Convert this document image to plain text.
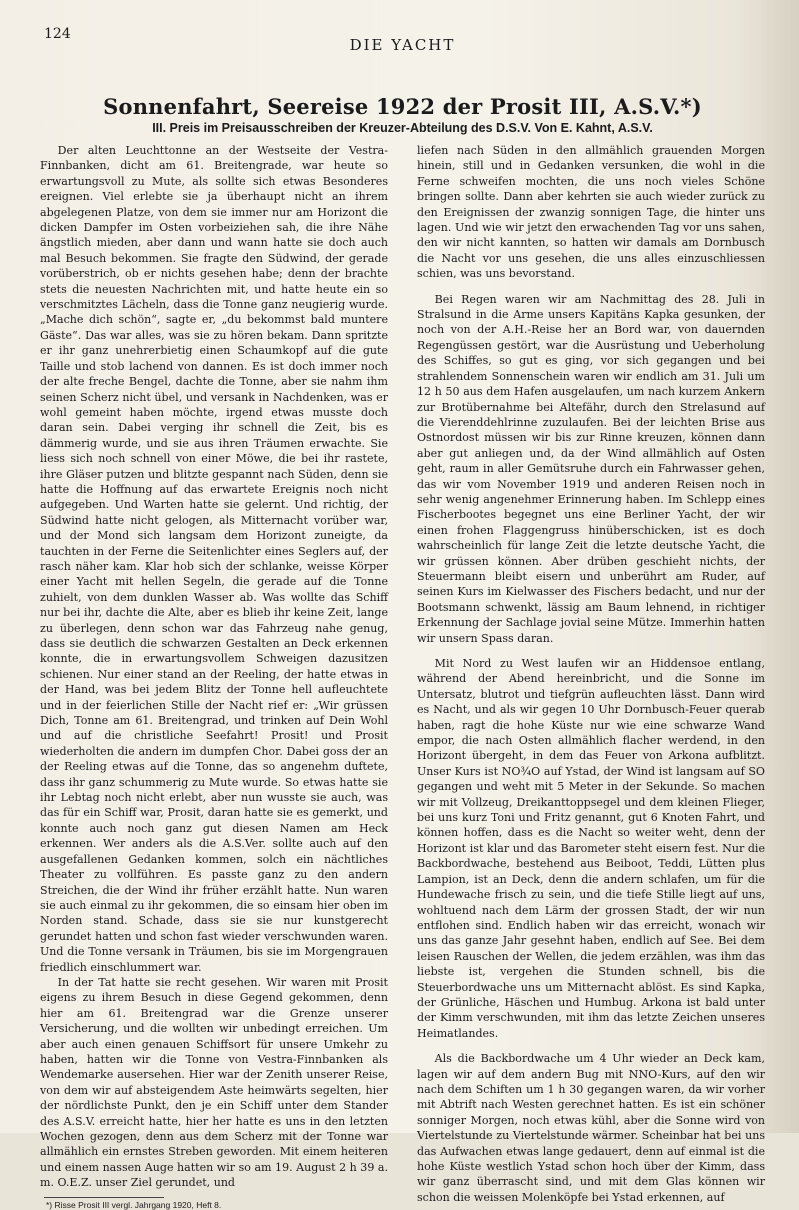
124
DIE YACHT
Sonnenfahrt, Seereise 1922 der Prosit III, A.S.V.*)
III. Preis im Preisausschreiben der Kreuzer-Abteilung des D.S.V. Von E. Kahnt, A.S.V.

Der alten Leuchttonne an der Westseite der Vestra-Finnbanken, dicht am 61. Breitengrade, war heute so erwartungsvoll zu Mute, als sollte sich etwas Besonderes ereignen. Viel erlebte sie ja überhaupt nicht an ihrem abgelegenen Platze, von dem sie immer nur am Horizont die dicken Dampfer im Osten vorbeiziehen sah, die ihre Nähe ängstlich mieden, aber dann und wann hatte sie doch auch mal Besuch bekommen. Sie fragte den Südwind, der gerade vorüberstrich, ob er nichts gesehen habe; denn der brachte stets die neuesten Nachrichten mit, und hatte heute ein so verschmitztes Lächeln, dass die Tonne ganz neugierig wurde. „Mache dich schön“, sagte er, „du bekommst bald muntere Gäste“. Das war alles, was sie zu hören bekam. Dann spritzte er ihr ganz unehrerbietig einen Schaumkopf auf die gute Taille und stob lachend von dannen. Es ist doch immer noch der alte freche Bengel, dachte die Tonne, aber sie nahm ihm seinen Scherz nicht übel, und versank in Nachdenken, was er wohl gemeint haben möchte, irgend etwas musste doch daran sein. Dabei verging ihr schnell die Zeit, bis es dämmerig wurde, und sie aus ihren Träumen erwachte. Sie liess sich noch schnell von einer Möwe, die bei ihr rastete, ihre Gläser putzen und blitzte gespannt nach Süden, denn sie hatte die Hoffnung auf das erwartete Ereignis noch nicht aufgegeben. Und Warten hatte sie gelernt. Und richtig, der Südwind hatte nicht gelogen, als Mitternacht vorüber war, und der Mond sich langsam dem Horizont zuneigte, da tauchten in der Ferne die Seitenlichter eines Seglers auf, der rasch näher kam. Klar hob sich der schlanke, weisse Körper einer Yacht mit hellen Segeln, die gerade auf die Tonne zuhielt, von dem dunklen Wasser ab. Was wollte das Schiff nur bei ihr, dachte die Alte, aber es blieb ihr keine Zeit, lange zu überlegen, denn schon war das Fahrzeug nahe genug, dass sie deutlich die schwarzen Gestalten an Deck erkennen konnte, die in erwartungsvollem Schweigen dazusitzen schienen. Nur einer stand an der Reeling, der hatte etwas in der Hand, was bei jedem Blitz der Tonne hell aufleuchtete und in der feierlichen Stille der Nacht rief er: „Wir grüssen Dich, Tonne am 61. Breitengrad, und trinken auf Dein Wohl und auf die christliche Seefahrt! Prosit! und Prosit wiederholten die andern im dumpfen Chor. Dabei goss der an der Reeling etwas auf die Tonne, das so angenehm duftete, dass ihr ganz schummerig zu Mute wurde. So etwas hatte sie ihr Lebtag noch nicht erlebt, aber nun wusste sie auch, was das für ein Schiff war, Prosit, daran hatte sie es gemerkt, und konnte auch noch ganz gut diesen Namen am Heck erkennen. Wer anders als die A.S.Ver. sollte auch auf den ausgefallenen Gedanken kommen, solch ein nächtliches Theater zu vollführen. Es passte ganz zu den andern Streichen, die der Wind ihr früher erzählt hatte. Nun waren sie auch einmal zu ihr gekommen, die so einsam hier oben im Norden stand. Schade, dass sie sie nur kunstgerecht gerundet hatten und schon fast wieder verschwunden waren. Und die Tonne versank in Träumen, bis sie im Morgengrauen friedlich einschlummert war.

In der Tat hatte sie recht gesehen. Wir waren mit Prosit eigens zu ihrem Besuch in diese Gegend gekommen, denn hier am 61. Breitengrad war die Grenze unserer Versicherung, und die wollten wir unbedingt erreichen. Um aber auch einen genauen Schiffsort für unsere Umkehr zu haben, hatten wir die Tonne von Vestra-Finnbanken als Wendemarke ausersehen. Hier war der Zenith unserer Reise, von dem wir auf absteigendem Aste heimwärts segelten, hier der nördlichste Punkt, den je ein Schiff unter dem Stander des A.S.V. erreicht hatte, hier her hatte es uns in den letzten Wochen gezogen, denn aus dem Scherz mit der Tonne war allmählich ein ernstes Streben geworden. Mit einem heiteren und einem nassen Auge hatten wir so am 19. August 2 h 39 a. m. O.E.Z. unser Ziel gerundet, und

*) Risse Prosit III vergl. Jahrgang 1920, Heft 8.

liefen nach Süden in den allmählich grauenden Morgen hinein, still und in Gedanken versunken, die wohl in die Ferne schweifen mochten, die uns noch vieles Schöne bringen sollte. Dann aber kehrten sie auch wieder zurück zu den Ereignissen der zwanzig sonnigen Tage, die hinter uns lagen. Und wie wir jetzt den erwachenden Tag vor uns sahen, den wir nicht kannten, so hatten wir damals am Dornbusch die Nacht vor uns gesehen, die uns alles einzuschliessen schien, was uns bevorstand.

Bei Regen waren wir am Nachmittag des 28. Juli in Stralsund in die Arme unsers Kapitäns Kapka gesunken, der noch von der A.H.-Reise her an Bord war, von dauernden Regengüssen gestört, war die Ausrüstung und Ueberholung des Schiffes, so gut es ging, vor sich gegangen und bei strahlendem Sonnenschein waren wir endlich am 31. Juli um 12 h 50 aus dem Hafen ausgelaufen, um nach kurzem Ankern zur Brotübernahme bei Altefähr, durch den Strelasund auf die Vierenddehlrinne zuzulaufen. Bei der leichten Brise aus Ostnordost müssen wir bis zur Rinne kreuzen, können dann aber gut anliegen und, da der Wind allmählich auf Osten geht, raum in aller Gemütsruhe durch ein Fahrwasser gehen, das wir vom November 1919 und anderen Reisen noch in sehr wenig angenehmer Erinnerung haben. Im Schlepp eines Fischerbootes begegnet uns eine Berliner Yacht, der wir einen frohen Flaggengruss hinüberschicken, ist es doch wahrscheinlich für lange Zeit die letzte deutsche Yacht, die wir grüssen können. Aber drüben geschieht nichts, der Steuermann bleibt eisern und unberührt am Ruder, auf seinen Kurs im Kielwasser des Fischers bedacht, und nur der Bootsmann schwenkt, lässig am Baum lehnend, in richtiger Erkennung der Sachlage jovial seine Mütze. Immerhin hatten wir unsern Spass daran.

Mit Nord zu West laufen wir an Hiddensoe entlang, während der Abend hereinbricht, und die Sonne im Untersatz, blutrot und tiefgrün aufleuchten lässt. Dann wird es Nacht, und als wir gegen 10 Uhr Dornbusch-Feuer querab haben, ragt die hohe Küste nur wie eine schwarze Wand empor, die nach Osten allmählich flacher werdend, in den Horizont übergeht, in dem das Feuer von Arkona aufblitzt. Unser Kurs ist NO¾O auf Ystad, der Wind ist langsam auf SO gegangen und weht mit 5 Meter in der Sekunde. So machen wir mit Vollzeug, Dreikanttoppsegel und dem kleinen Flieger, bei uns kurz Toni und Fritz genannt, gut 6 Knoten Fahrt, und können hoffen, dass es die Nacht so weiter weht, denn der Horizont ist klar und das Barometer steht eisern fest. Nur die Backbordwache, bestehend aus Beiboot, Teddi, Lütten plus Lampion, ist an Deck, denn die andern schlafen, um für die Hundewache frisch zu sein, und die tiefe Stille liegt auf uns, wohltuend nach dem Lärm der grossen Stadt, der wir nun entflohen sind. Endlich haben wir das erreicht, wonach wir uns das ganze Jahr gesehnt haben, endlich auf See. Bei dem leisen Rauschen der Wellen, die jedem erzählen, was ihm das liebste ist, vergehen die Stunden schnell, bis die Steuerbordwache uns um Mitternacht ablöst. Es sind Kapka, der Grünliche, Häschen und Humbug. Arkona ist bald unter der Kimm verschwunden, mit ihm das letzte Zeichen unseres Heimatlandes.

Als die Backbordwache um 4 Uhr wieder an Deck kam, lagen wir auf dem andern Bug mit NNO-Kurs, auf den wir nach dem Schiften um 1 h 30 gegangen waren, da wir vorher mit Abtrift nach Westen gerechnet hatten. Es ist ein schöner sonniger Morgen, noch etwas kühl, aber die Sonne wird von Viertelstunde zu Viertelstunde wärmer. Scheinbar hat bei uns das Aufwachen etwas lange gedauert, denn auf einmal ist die hohe Küste westlich Ystad schon hoch über der Kimm, dass wir ganz überrascht sind, und mit dem Glas können wir schon die weissen Molenköpfe bei Ystad erkennen, auf
